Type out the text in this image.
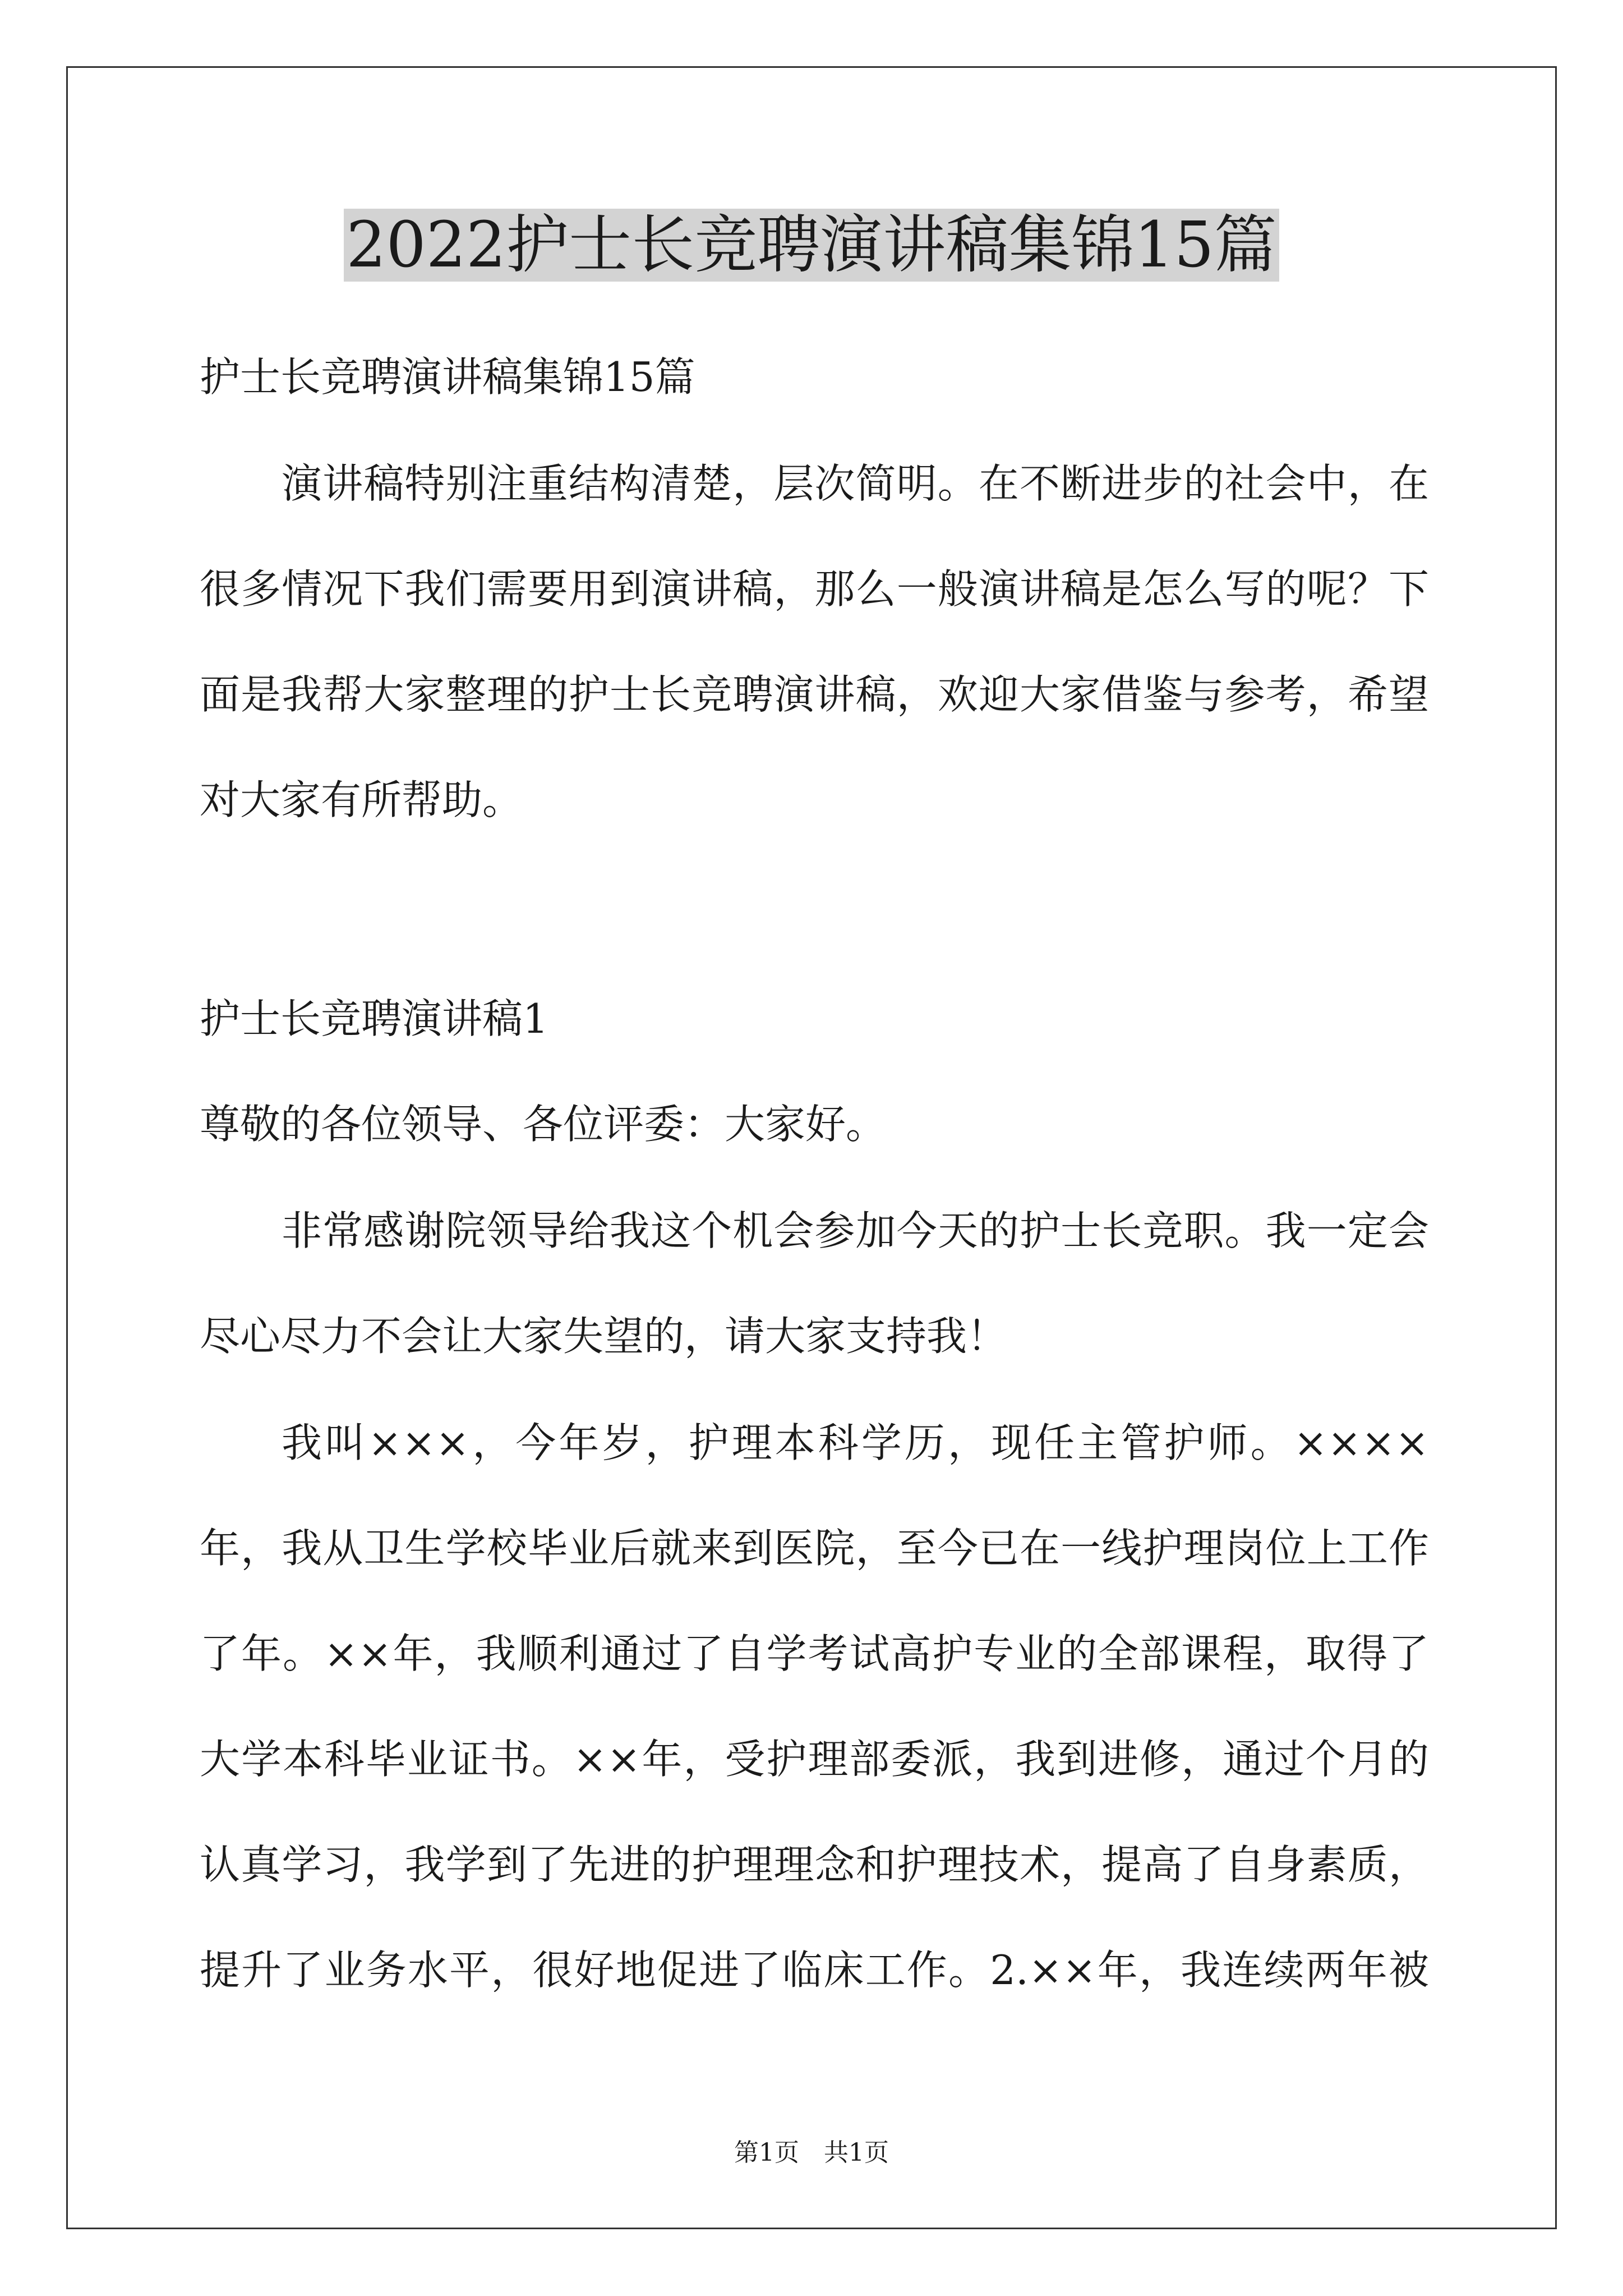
2022护士长竞聘演讲稿集锦15篇

护士长竞聘演讲稿集锦15篇

演讲稿特别注重结构清楚，层次简明。在不断进步的社会中，在

很多情况下我们需要用到演讲稿，那么一般演讲稿是怎么写的呢？下

面是我帮大家整理的护士长竞聘演讲稿，欢迎大家借鉴与参考，希望

对大家有所帮助。

护士长竞聘演讲稿1

尊敬的各位领导、各位评委：大家好。

非常感谢院领导给我这个机会参加今天的护士长竞职。我一定会

尽心尽力不会让大家失望的，请大家支持我！

我叫×××，今年岁，护理本科学历，现任主管护师。××××

年，我从卫生学校毕业后就来到医院，至今已在一线护理岗位上工作

了年。××年，我顺利通过了自学考试高护专业的全部课程，取得了

大学本科毕业证书。××年，受护理部委派，我到进修，通过个月的

认真学习，我学到了先进的护理理念和护理技术，提高了自身素质，

提升了业务水平，很好地促进了临床工作。2.××年，我连续两年被

第1页　共1页
